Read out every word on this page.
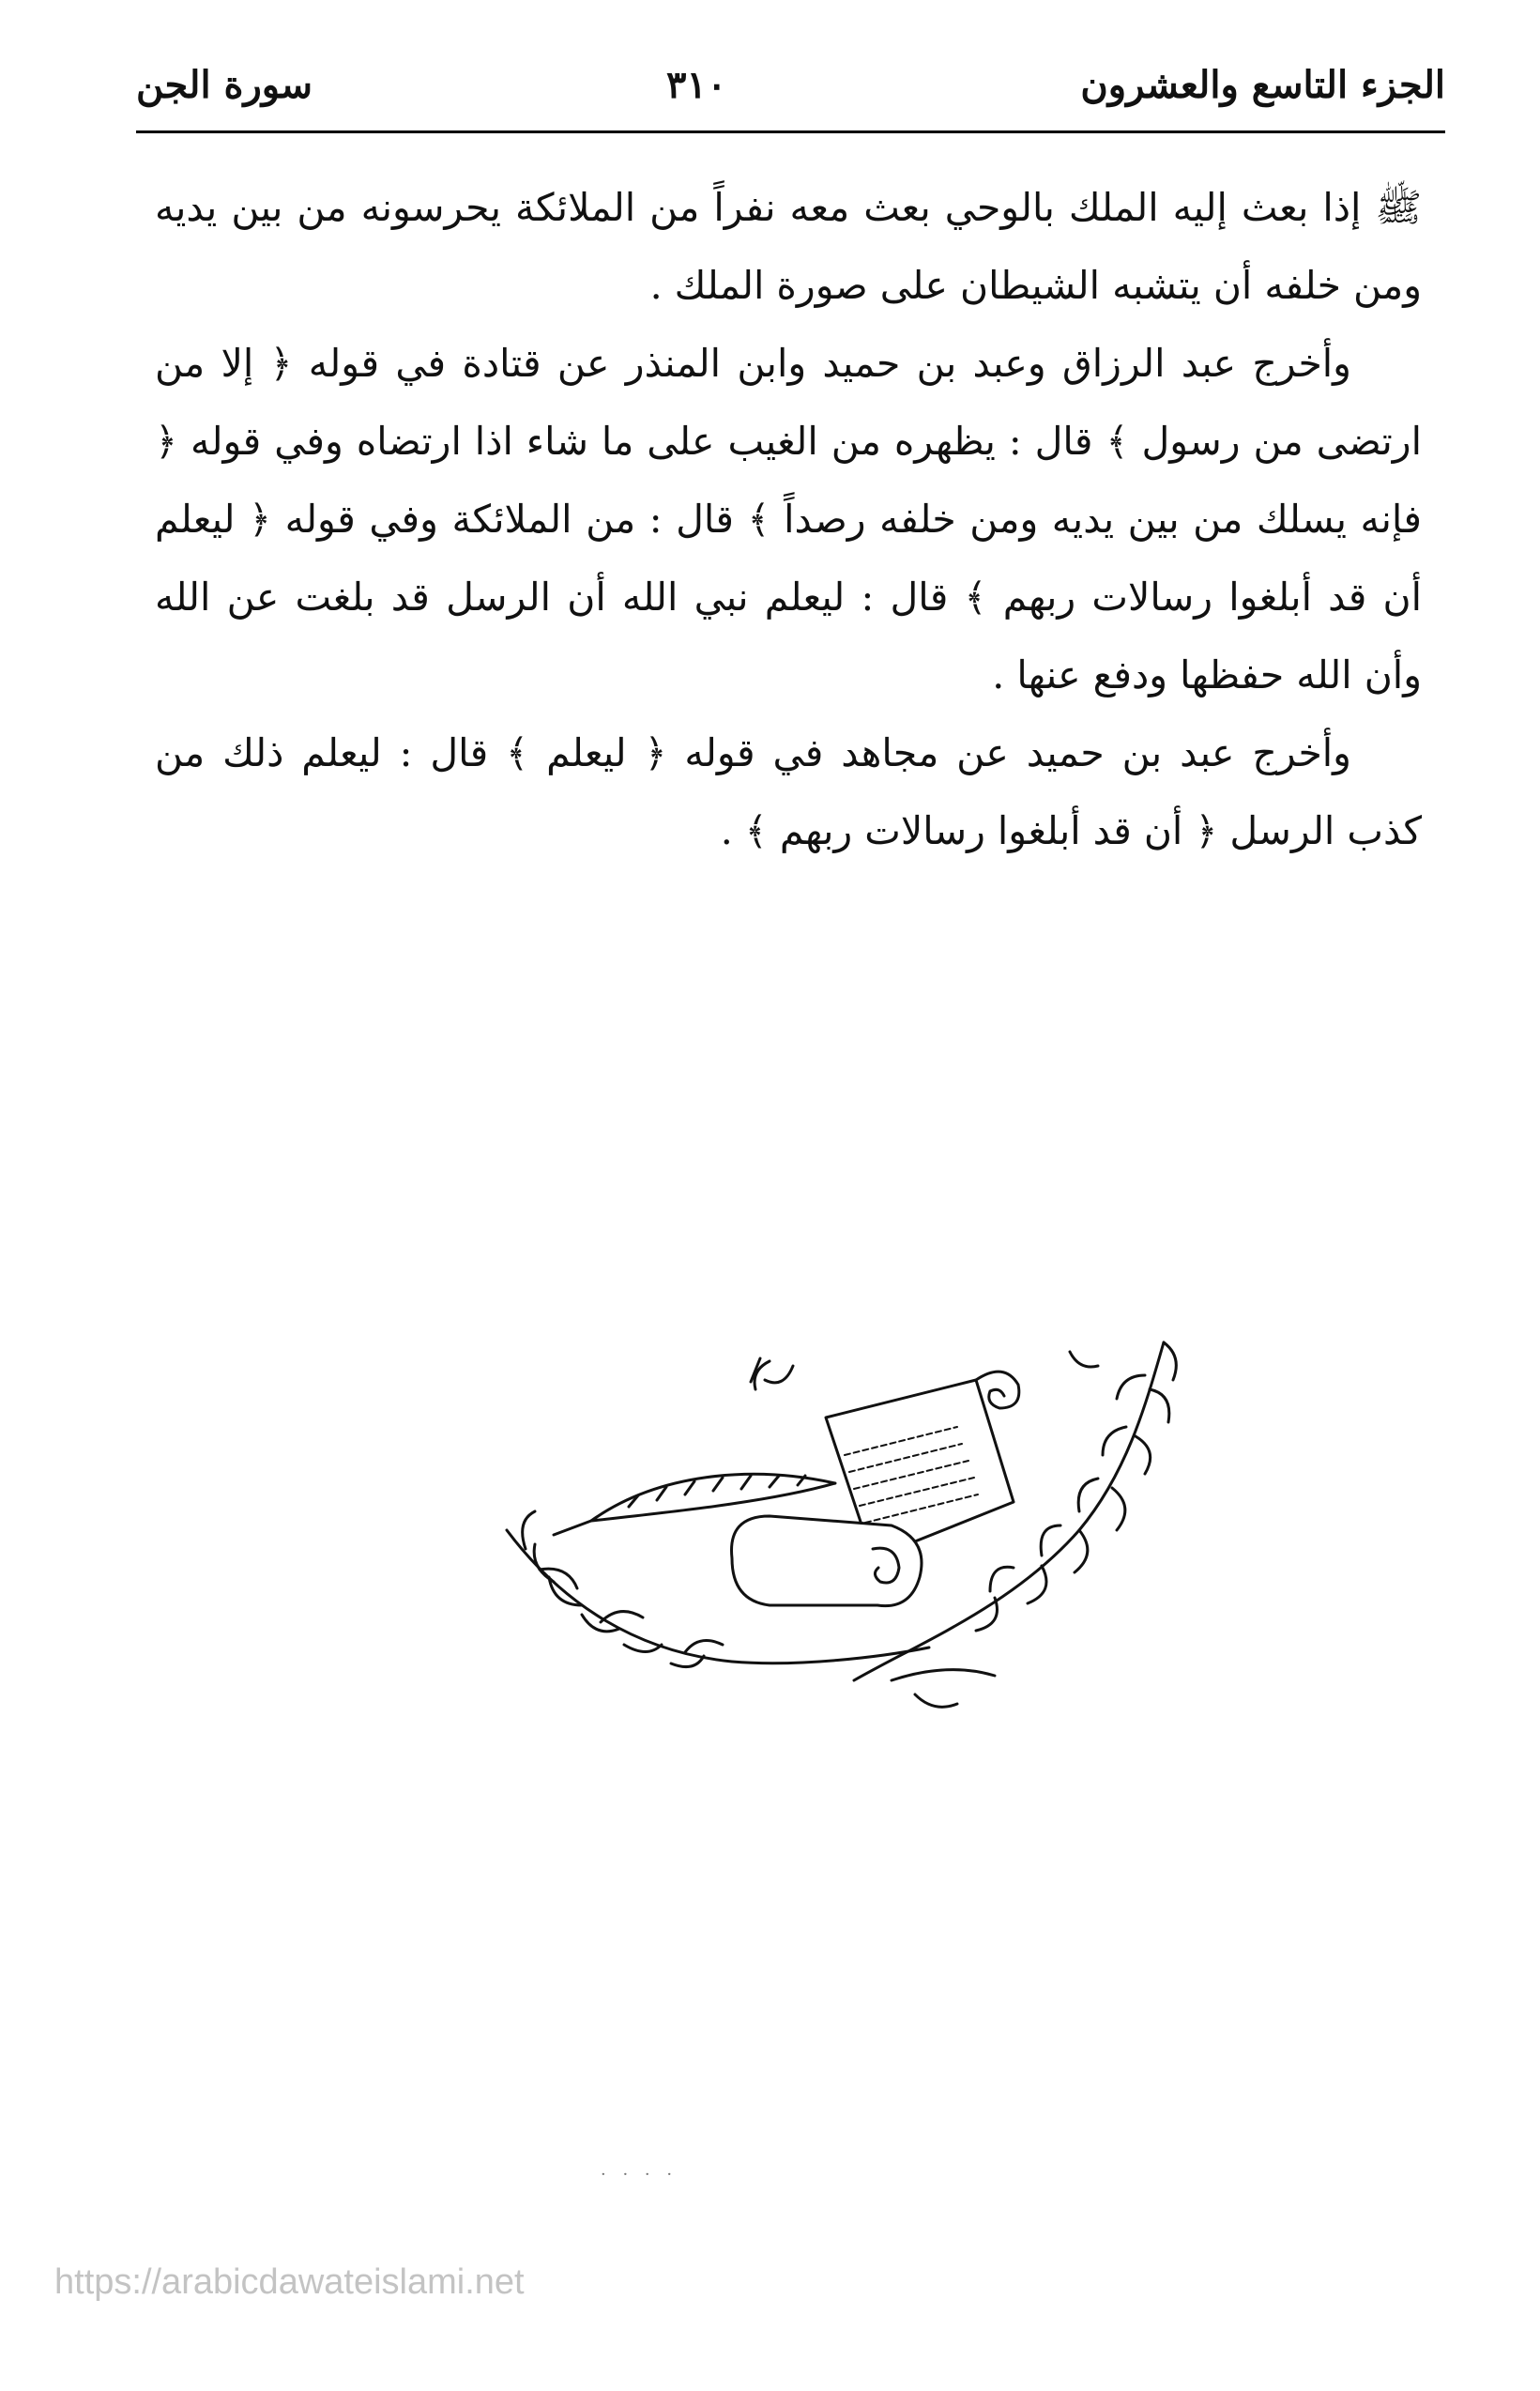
الجزء التاسع والعشرون
٣١٠
سورة الجن

ﷺ إذا بعث إليه الملك بالوحي بعث معه نفراً من الملائكة يحرسونه من بين يديه ومن خلفه أن يتشبه الشيطان على صورة الملك .

وأخرج عبد الرزاق وعبد بن حميد وابن المنذر عن قتادة في قوله ﴿ إلا من ارتضى من رسول ﴾ قال : يظهره من الغيب على ما شاء اذا ارتضاه وفي قوله ﴿ فإنه يسلك من بين يديه ومن خلفه رصداً ﴾ قال : من الملائكة وفي قوله ﴿ ليعلم أن قد أبلغوا رسالات ربهم ﴾ قال : ليعلم نبي الله أن الرسل قد بلغت عن الله وأن الله حفظها ودفع عنها .

وأخرج عبد بن حميد عن مجاهد في قوله ﴿ ليعلم ﴾ قال : ليعلم ذلك من كذب الرسل ﴿ أن قد أبلغوا رسالات ربهم ﴾ .

· · · ·
https://arabicdawateislami.net
